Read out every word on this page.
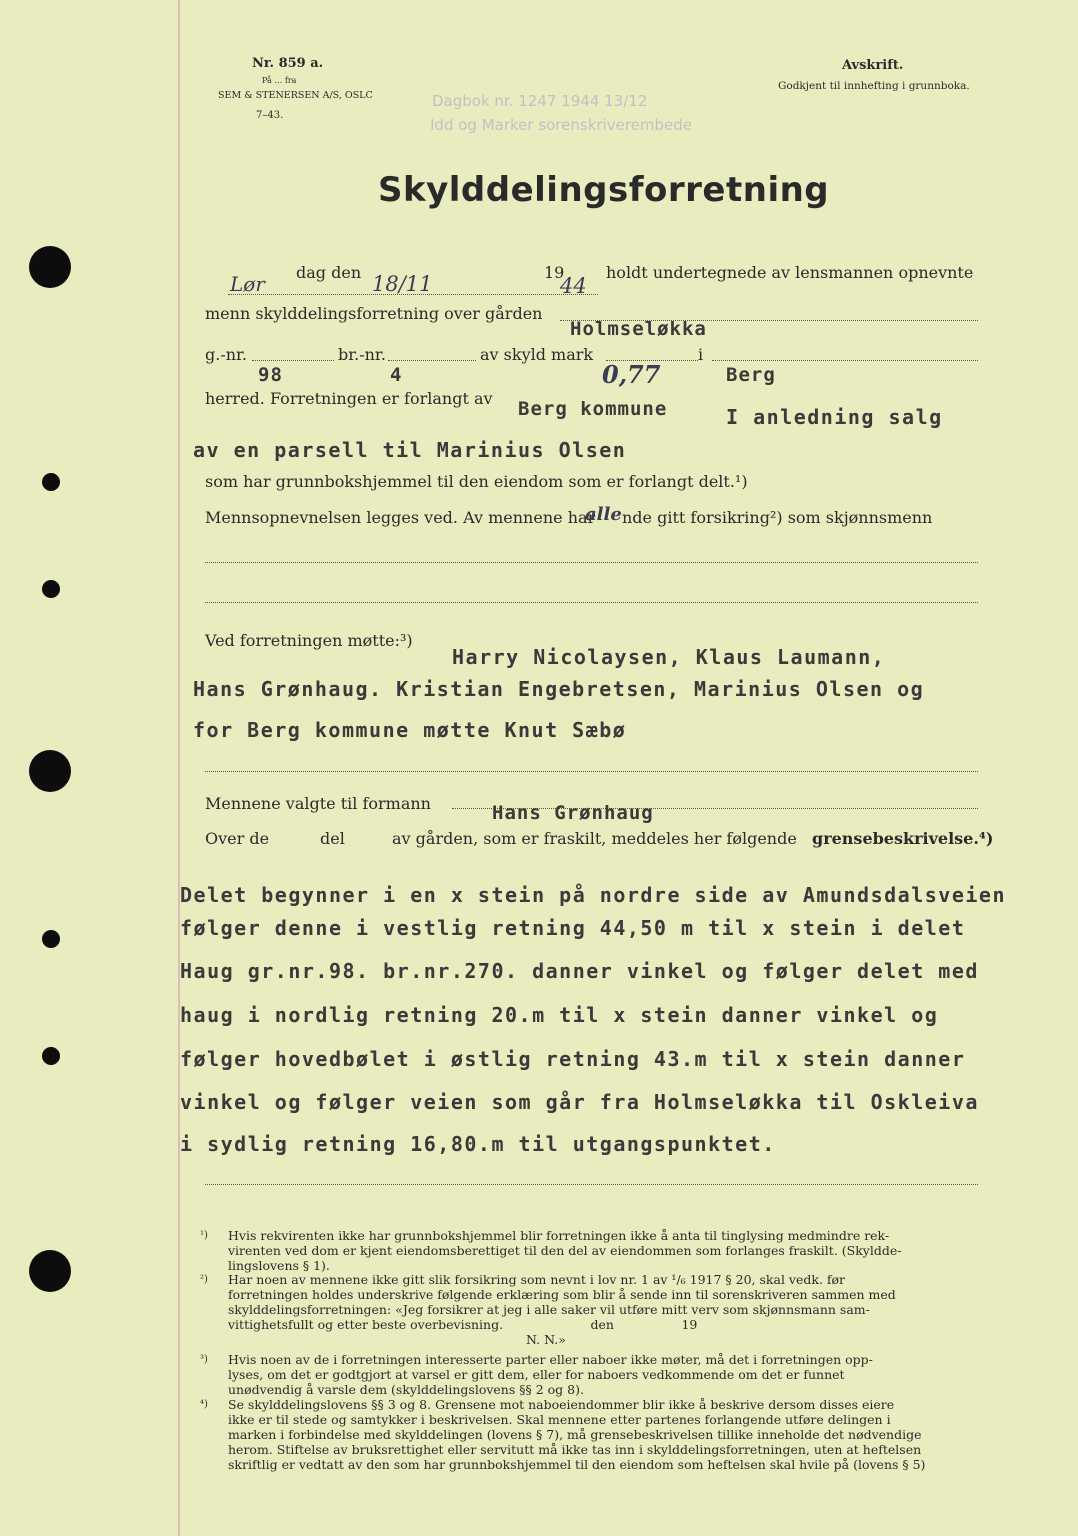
Nr. 859 a.
På … fra
SEM & STENERSEN A/S, OSLC
7–43.
Dagbok nr. 1247 1944 13/12
Idd og Marker sorenskriverembede
Avskrift.
Godkjent til innhefting i grunnboka.
Skylddelingsforretning
Lør dag den 18/11	19
44
holdt undertegnede av lensmannen opnevnte
menn skylddelingsforretning over gården
Holmseløkka
g.-nr.
98
br.-nr.
4
av skyld mark
0,77
i
Berg
herred. Forretningen er forlangt av Berg kommune	I anledning salg
av en parsell til Marinius Olsen
som har grunnbokshjemmel til den eiendom som er forlangt delt.¹)
Mennsopnevnelsen legges ved. Av mennene har
alle nde gitt forsikring²) som skjønnsmenn
Ved forretningen møtte:³)
Harry Nicolaysen, Klaus Laumann,
Hans Grønhaug. Kristian Engebretsen, Marinius Olsen og
for Berg kommune møtte Knut Sæbø
Mennene valgte til formann	Hans Grønhaug
Over de	del	av gården, som er fraskilt, meddeles her følgende grensebeskrivelse.⁴)
Delet begynner i en x stein på nordre side av Amundsdalsveien
følger denne i vestlig retning 44,50 m til x stein i delet
Haug gr.nr.98. br.nr.270. danner vinkel og følger delet med
haug i nordlig retning 20.m til x stein danner vinkel og
følger hovedbølet i østlig retning 43.m til x stein danner
vinkel og følger veien som går fra Holmseløkka til Oskleiva
i sydlig retning 16,80.m til utgangspunktet.
¹) Hvis rekvirenten ikke har grunnbokshjemmel blir forretningen ikke å anta til tinglysing medmindre rek-
virenten ved dom er kjent eiendomsberettiget til den del av eiendommen som forlanges fraskilt. (Skyldde-
lingslovens § 1).
²) Har noen av mennene ikke gitt slik forsikring som nevnt i lov nr. 1 av ¹/₆ 1917 § 20, skal vedk. før
forretningen holdes underskrive følgende erklæring som blir å sende inn til sorenskriveren sammen med
skylddelingsforretningen: «Jeg forsikrer at jeg i alle saker vil utføre mitt verv som skjønnsmann sam-
vittighetsfullt og etter beste overbevisning.                      den                 19
N. N.»
³) Hvis noen av de i forretningen interesserte parter eller naboer ikke møter, må det i forretningen opp-
lyses, om det er godtgjort at varsel er gitt dem, eller for naboers vedkommende om det er funnet
unødvendig å varsle dem (skylddelingslovens §§ 2 og 8).
⁴) Se skylddelingslovens §§ 3 og 8. Grensene mot naboeiendommer blir ikke å beskrive dersom disses eiere
ikke er til stede og samtykker i beskrivelsen. Skal mennene etter partenes forlangende utføre delingen i
marken i forbindelse med skylddelingen (lovens § 7), må grensebeskrivelsen tillike inneholde det nødvendige
herom. Stiftelse av bruksrettighet eller servitutt må ikke tas inn i skylddelingsforretningen, uten at heftelsen
skriftlig er vedtatt av den som har grunnbokshjemmel til den eiendom som heftelsen skal hvile på (lovens § 5)
